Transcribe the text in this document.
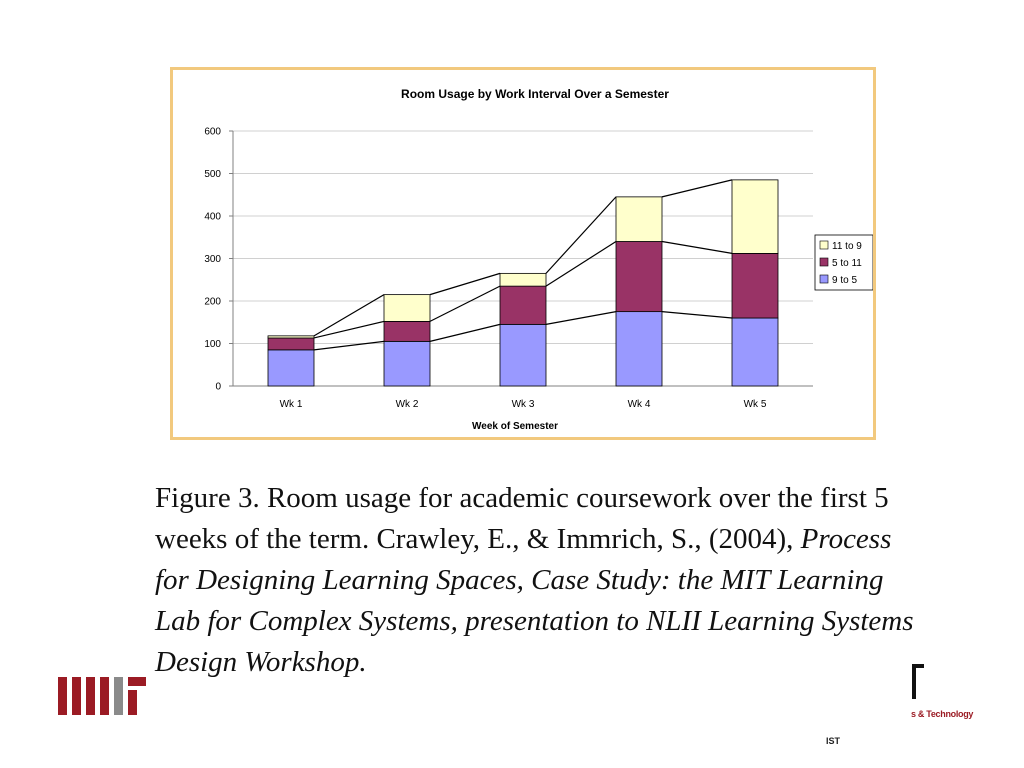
Room Usage by Work Interval Over a Semester
0
100
200
300
400
500
600
Wk 1	Wk 2	Wk 3	Wk 4	Wk 5
Week of Semester
11 to 9
5 to 11
9 to 5
Figure 3. Room usage for academic coursework over the first 5 weeks of the term. Crawley, E., & Immrich, S., (2004), Process for Designing Learning Spaces, Case Study: the MIT Learning Lab for Complex Systems, presentation to NLII Learning Systems Design Workshop.
s & Technology
IST
